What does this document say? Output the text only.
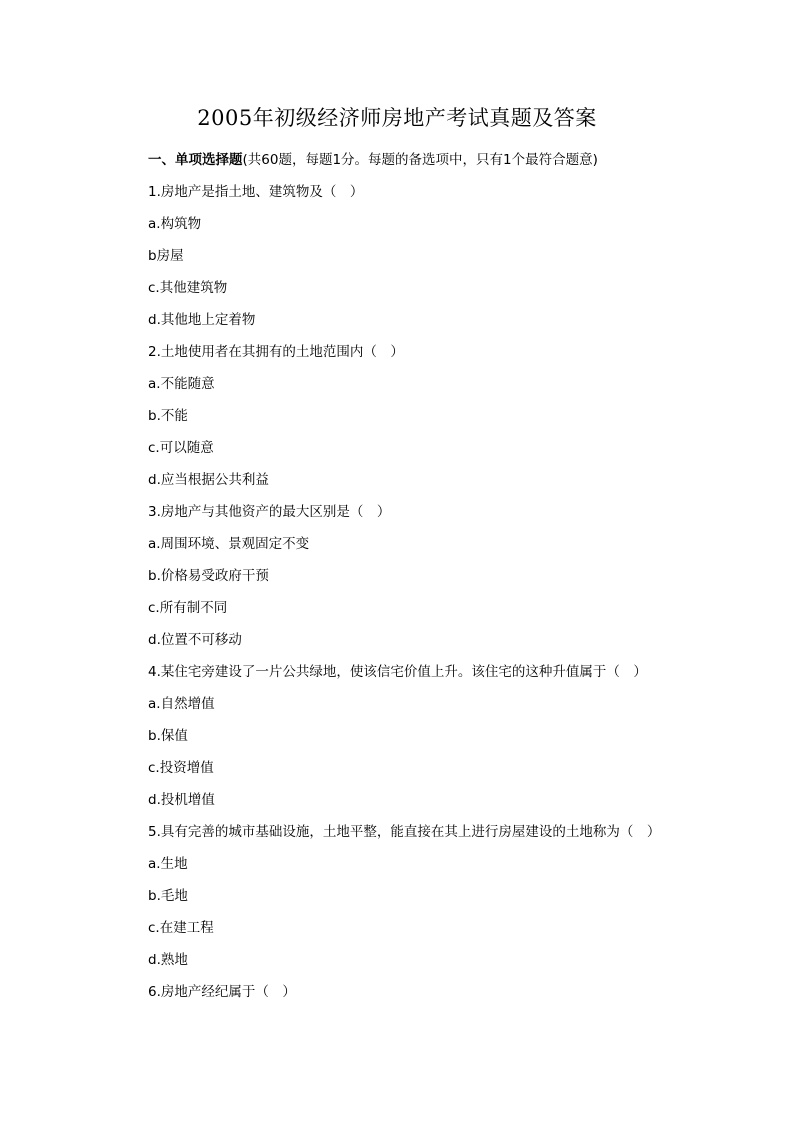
2005年初级经济师房地产考试真题及答案
一、单项选择题(共60题，每题1分。每题的备选项中，只有1个最符合题意)
1.房地产是指土地、建筑物及（　）
a.构筑物
b房屋
c.其他建筑物
d.其他地上定着物
2.土地使用者在其拥有的土地范围内（　）
a.不能随意
b.不能
c.可以随意
d.应当根据公共利益
3.房地产与其他资产的最大区别是（　）
a.周围环境、景观固定不变
b.价格易受政府干预
c.所有制不同
d.位置不可移动
4.某住宅旁建设了一片公共绿地，使该信宅价值上升。该住宅的这种升值属于（　）
a.自然增值
b.保值
c.投资增值
d.投机增值
5.具有完善的城市基础设施，土地平整，能直接在其上进行房屋建设的土地称为（　）
a.生地
b.毛地
c.在建工程
d.熟地
6.房地产经纪属于（　）
